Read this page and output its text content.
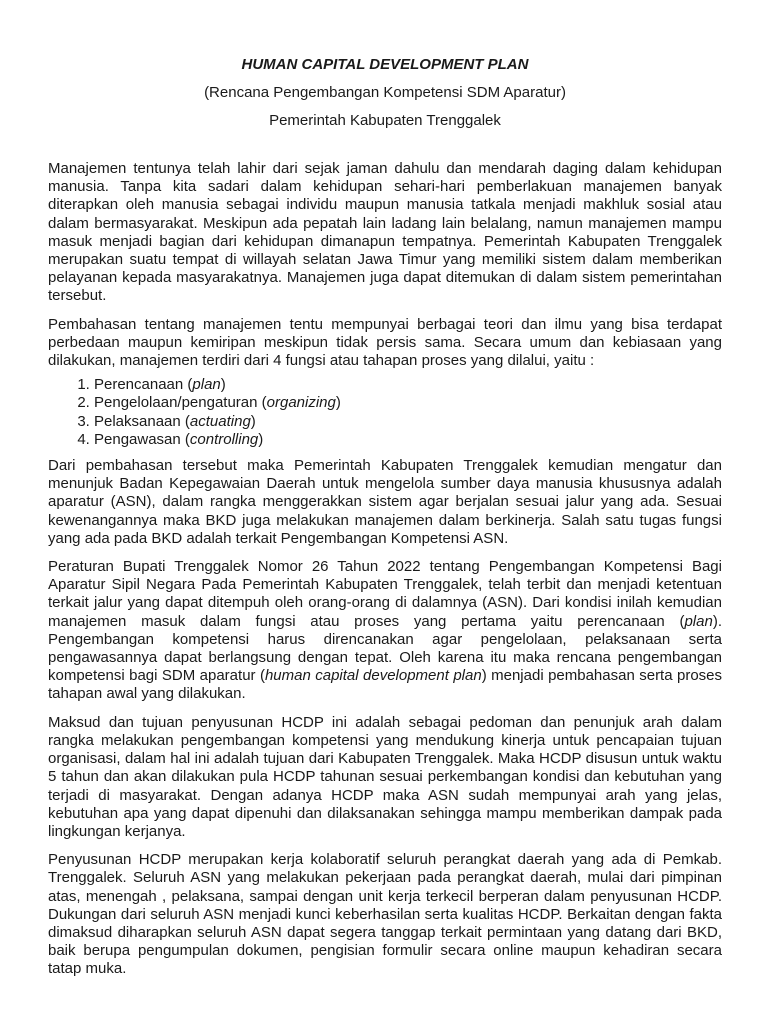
HUMAN CAPITAL DEVELOPMENT PLAN
(Rencana Pengembangan Kompetensi SDM Aparatur)
Pemerintah Kabupaten Trenggalek

Manajemen tentunya telah lahir dari sejak jaman dahulu dan mendarah daging dalam kehidupan manusia. Tanpa kita sadari dalam kehidupan sehari-hari pemberlakuan manajemen banyak diterapkan oleh manusia sebagai individu maupun manusia tatkala menjadi makhluk sosial atau dalam bermasyarakat. Meskipun ada pepatah lain ladang lain belalang, namun manajemen mampu masuk menjadi bagian dari kehidupan dimanapun tempatnya. Pemerintah Kabupaten Trenggalek merupakan suatu tempat di willayah selatan Jawa Timur yang memiliki sistem dalam memberikan pelayanan kepada masyarakatnya. Manajemen juga dapat ditemukan di dalam sistem pemerintahan tersebut.

Pembahasan tentang manajemen tentu mempunyai berbagai teori dan ilmu yang bisa terdapat perbedaan maupun kemiripan meskipun tidak persis sama. Secara umum dan kebiasaan yang dilakukan, manajemen terdiri dari 4 fungsi atau tahapan proses yang dilalui, yaitu :

1. Perencanaan (plan)
2. Pengelolaan/pengaturan (organizing)
3. Pelaksanaan (actuating)
4. Pengawasan (controlling)

Dari pembahasan tersebut maka Pemerintah Kabupaten Trenggalek kemudian mengatur dan menunjuk Badan Kepegawaian Daerah untuk mengelola sumber daya manusia khususnya adalah aparatur (ASN), dalam rangka menggerakkan sistem agar berjalan sesuai jalur yang ada. Sesuai kewenangannya maka BKD juga melakukan manajemen dalam berkinerja. Salah satu tugas fungsi yang ada pada BKD adalah terkait Pengembangan Kompetensi ASN.

Peraturan Bupati Trenggalek Nomor 26 Tahun 2022 tentang Pengembangan Kompetensi Bagi Aparatur Sipil Negara Pada Pemerintah Kabupaten Trenggalek, telah terbit dan menjadi ketentuan terkait jalur yang dapat ditempuh oleh orang-orang di dalamnya (ASN). Dari kondisi inilah kemudian manajemen masuk dalam fungsi atau proses yang pertama yaitu perencanaan (plan). Pengembangan kompetensi harus direncanakan agar pengelolaan, pelaksanaan serta pengawasannya dapat berlangsung dengan tepat. Oleh karena itu maka rencana pengembangan kompetensi bagi SDM aparatur (human capital development plan) menjadi pembahasan serta proses tahapan awal yang dilakukan.

Maksud dan tujuan penyusunan HCDP ini adalah sebagai pedoman dan penunjuk arah dalam rangka melakukan pengembangan kompetensi yang mendukung kinerja untuk pencapaian tujuan organisasi, dalam hal ini adalah tujuan dari Kabupaten Trenggalek. Maka HCDP disusun untuk waktu 5 tahun dan akan dilakukan pula HCDP tahunan sesuai perkembangan kondisi dan kebutuhan yang terjadi di masyarakat. Dengan adanya HCDP maka ASN sudah mempunyai arah yang jelas, kebutuhan apa yang dapat dipenuhi dan dilaksanakan sehingga mampu memberikan dampak pada lingkungan kerjanya.

Penyusunan HCDP merupakan kerja kolaboratif seluruh perangkat daerah yang ada di Pemkab. Trenggalek. Seluruh ASN yang melakukan pekerjaan pada perangkat daerah, mulai dari pimpinan atas, menengah , pelaksana, sampai dengan unit kerja terkecil berperan dalam penyusunan HCDP. Dukungan dari seluruh ASN menjadi kunci keberhasilan serta kualitas HCDP. Berkaitan dengan fakta dimaksud diharapkan seluruh ASN dapat segera tanggap terkait permintaan yang datang dari BKD, baik berupa pengumpulan dokumen, pengisian formulir secara online maupun kehadiran secara tatap muka.
